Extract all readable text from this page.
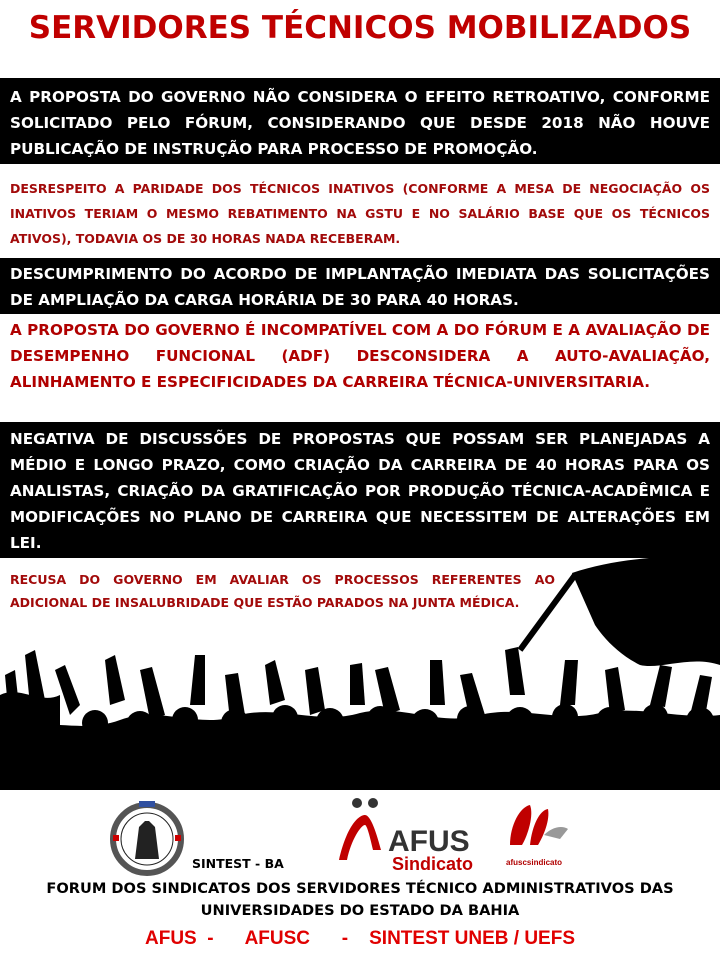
SERVIDORES TÉCNICOS MOBILIZADOS
A PROPOSTA DO GOVERNO NÃO CONSIDERA O EFEITO RETROATIVO, CONFORME SOLICITADO PELO FÓRUM, CONSIDERANDO QUE DESDE 2018 NÃO HOUVE PUBLICAÇÃO DE INSTRUÇÃO PARA PROCESSO DE PROMOÇÃO.
DESRESPEITO A PARIDADE DOS TÉCNICOS INATIVOS (CONFORME A MESA DE NEGOCIAÇÃO OS INATIVOS TERIAM O MESMO REBATIMENTO NA GSTU E NO SALÁRIO BASE QUE OS TÉCNICOS ATIVOS), TODAVIA OS DE 30 HORAS NADA RECEBERAM.
DESCUMPRIMENTO DO ACORDO DE IMPLANTAÇÃO IMEDIATA DAS SOLICITAÇÕES DE AMPLIAÇÃO DA CARGA HORÁRIA DE 30 PARA 40 HORAS.
A PROPOSTA DO GOVERNO É INCOMPATÍVEL COM A DO FÓRUM E A AVALIAÇÃO DE DESEMPENHO FUNCIONAL (ADF) DESCONSIDERA A AUTO-AVALIAÇÃO, ALINHAMENTO E ESPECIFICIDADES DA CARREIRA TÉCNICA-UNIVERSITARIA.
NEGATIVA DE DISCUSSÕES DE PROPOSTAS QUE POSSAM SER PLANEJADAS A MÉDIO E LONGO PRAZO, COMO CRIAÇÃO DA CARREIRA DE 40 HORAS PARA OS ANALISTAS, CRIAÇÃO DA GRATIFICAÇÃO POR PRODUÇÃO TÉCNICA-ACADÊMICA E MODIFICAÇÕES NO PLANO DE CARREIRA QUE NECESSITEM DE ALTERAÇÕES EM LEI.
RECUSA DO GOVERNO EM AVALIAR OS PROCESSOS REFERENTES AO ADICIONAL DE INSALUBRIDADE QUE ESTÃO PARADOS NA JUNTA MÉDICA.
SINTEST - BA
AFUS
Sindicato	afuscsindicato
FORUM DOS SINDICATOS DOS SERVIDORES TÉCNICO ADMINISTRATIVOS DAS
UNIVERSIDADES DO ESTADO DA BAHIA
AFUS  -      AFUSC      -    SINTEST UNEB / UEFS
